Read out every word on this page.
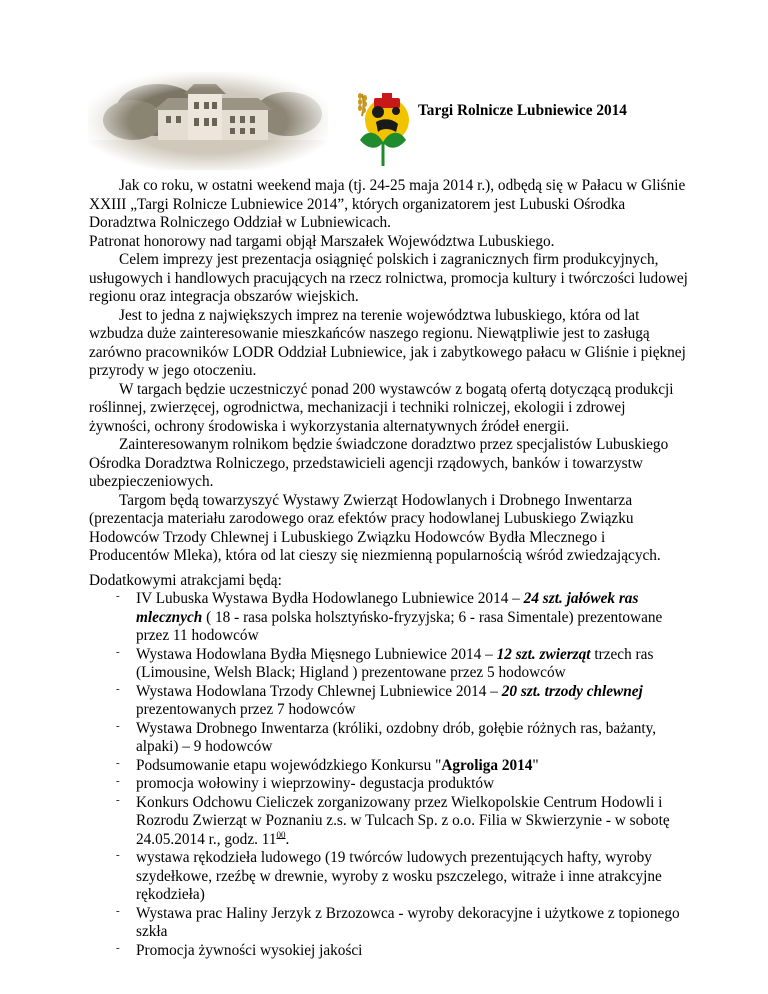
Targi Rolnicze Lubniewice 2014

Jak co roku, w ostatni weekend maja (tj. 24-25 maja 2014 r.), odbędą się w Pałacu w Gliśnie XXIII „Targi Rolnicze Lubniewice 2014”, których organizatorem jest Lubuski Ośrodka Doradztwa Rolniczego Oddział w Lubniewicach.

Patronat honorowy nad targami objął Marszałek Województwa Lubuskiego.

Celem imprezy jest prezentacja osiągnięć polskich i zagranicznych firm produkcyjnych, usługowych i handlowych pracujących na rzecz rolnictwa, promocja kultury i twórczości ludowej regionu oraz integracja obszarów wiejskich.

Jest to jedna z największych imprez na terenie województwa lubuskiego, która od lat wzbudza duże zainteresowanie mieszkańców naszego regionu. Niewątpliwie jest to zasługą zarówno pracowników LODR Oddział Lubniewice, jak i zabytkowego pałacu w Gliśnie i pięknej przyrody w jego otoczeniu.

W targach będzie uczestniczyć ponad 200 wystawców z bogatą ofertą dotyczącą produkcji roślinnej, zwierzęcej, ogrodnictwa, mechanizacji i techniki rolniczej, ekologii i zdrowej żywności, ochrony środowiska i wykorzystania alternatywnych źródeł energii.

Zainteresowanym rolnikom będzie świadczone doradztwo przez specjalistów Lubuskiego Ośrodka Doradztwa Rolniczego, przedstawicieli agencji rządowych, banków i towarzystw ubezpieczeniowych.

Targom będą towarzyszyć Wystawy Zwierząt Hodowlanych i Drobnego Inwentarza (prezentacja materiału zarodowego oraz efektów pracy hodowlanej Lubuskiego Związku Hodowców Trzody Chlewnej i Lubuskiego Związku Hodowców Bydła Mlecznego i Producentów Mleka), która od lat cieszy się niezmienną popularnością wśród zwiedzających.

Dodatkowymi atrakcjami będą:

- IV Lubuska Wystawa Bydła Hodowlanego Lubniewice 2014 – 24 szt. jałówek ras mlecznych ( 18 - rasa polska holsztyńsko-fryzyjska; 6 - rasa Simentale) prezentowane przez 11 hodowców
- Wystawa Hodowlana Bydła Mięsnego Lubniewice 2014 – 12 szt. zwierząt trzech ras (Limousine, Welsh Black; Higland ) prezentowane przez 5 hodowców
- Wystawa Hodowlana Trzody Chlewnej Lubniewice 2014 – 20 szt. trzody chlewnej prezentowanych przez 7 hodowców
- Wystawa Drobnego Inwentarza (króliki, ozdobny drób, gołębie różnych ras, bażanty, alpaki) – 9 hodowców
- Podsumowanie etapu wojewódzkiego Konkursu "Agroliga 2014"
- promocja wołowiny i wieprzowiny- degustacja produktów
- Konkurs Odchowu Cieliczek zorganizowany przez Wielkopolskie Centrum Hodowli i Rozrodu Zwierząt w Poznaniu z.s. w Tulcach Sp. z o.o. Filia w Skwierzynie - w sobotę 24.05.2014 r., godz. $11^{00}$.
- wystawa rękodzieła ludowego (19 twórców ludowych prezentujących hafty, wyroby szydełkowe, rzeźbę w drewnie, wyroby z wosku pszczelego, witraże i inne atrakcyjne rękodzieła)
- Wystawa prac Haliny Jerzyk z Brzozowca - wyroby dekoracyjne i użytkowe z topionego szkła
- Promocja żywności wysokiej jakości
